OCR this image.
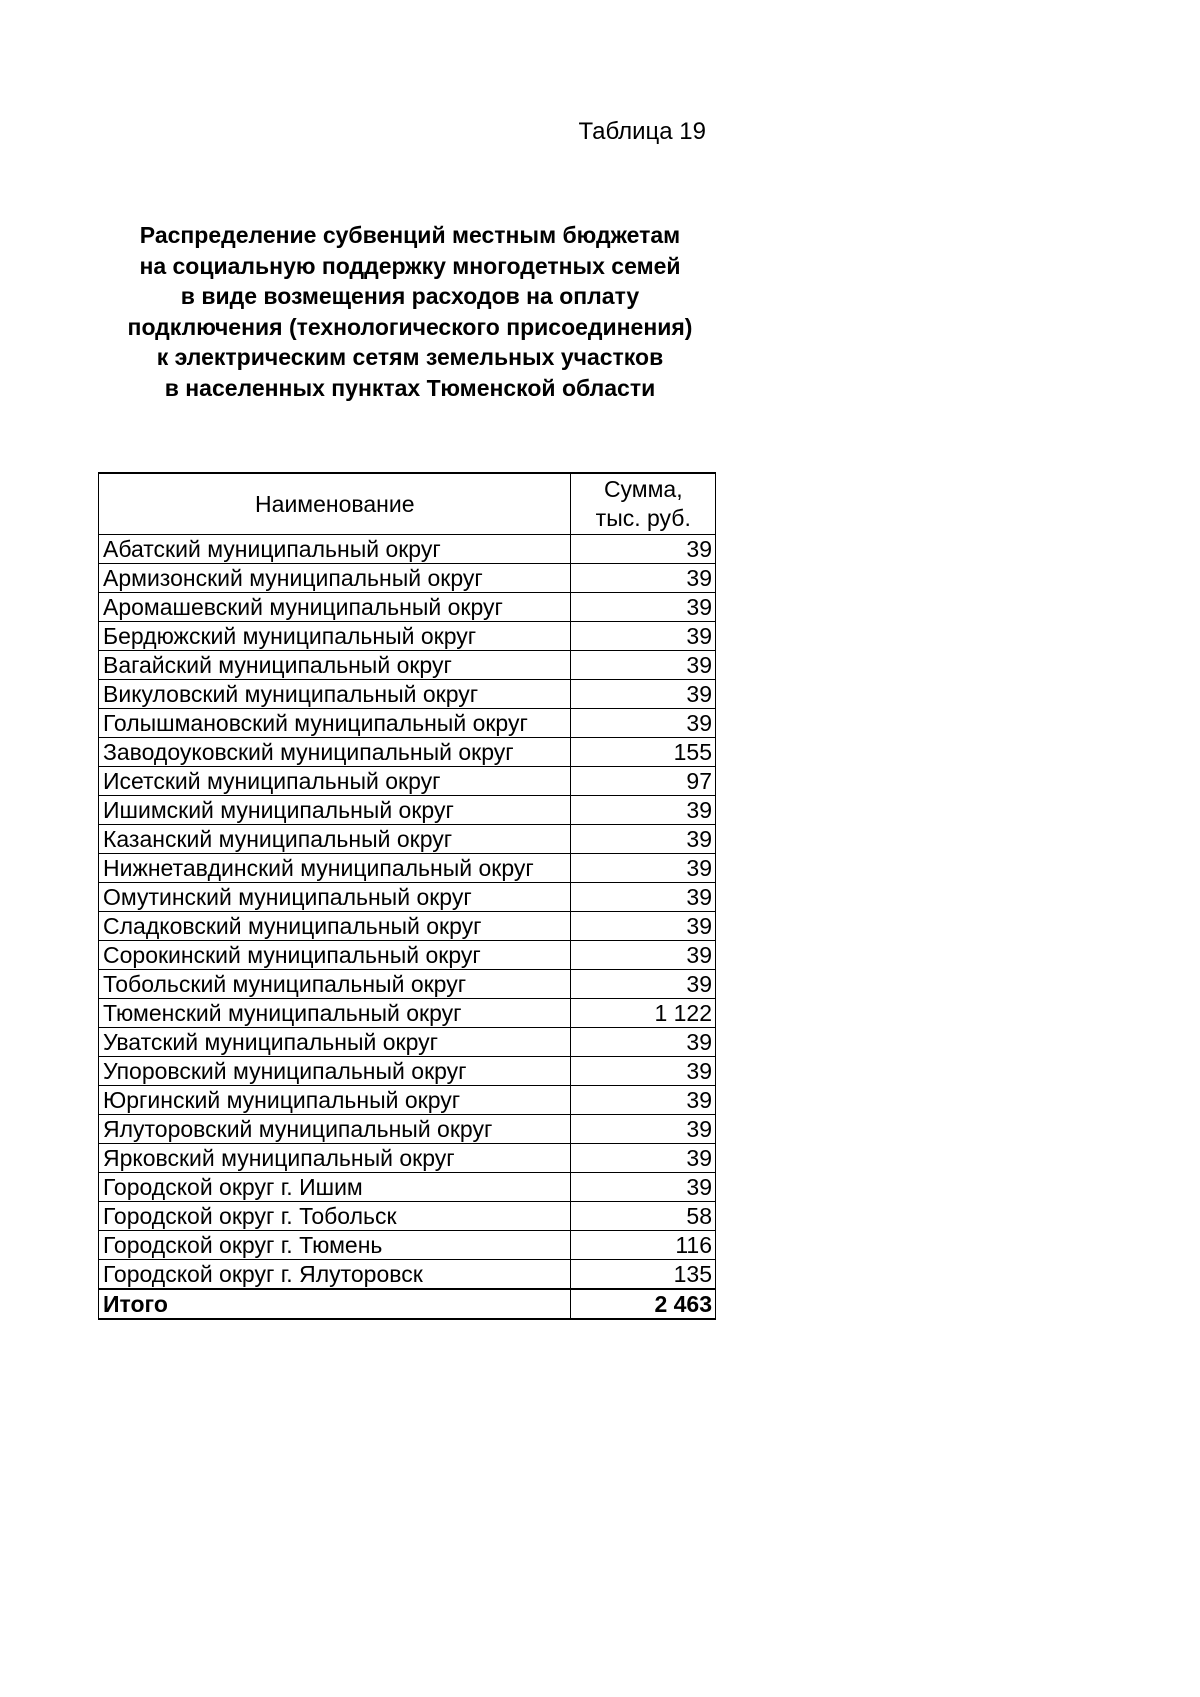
Таблица 19
Распределение субвенций местным бюджетам
на социальную поддержку многодетных семей
в виде возмещения расходов на оплату
подключения (технологического присоединения)
к электрическим сетям земельных участков
в населенных пунктах Тюменской области
Наименование	Сумма,
тыс. руб.

Абатский муниципальный округ	39
Армизонский муниципальный округ	39
Аромашевский муниципальный округ	39
Бердюжский муниципальный округ	39
Вагайский муниципальный округ	39
Викуловский муниципальный округ	39
Голышмановский муниципальный округ	39
Заводоуковский муниципальный округ	155
Исетский муниципальный округ	97
Ишимский муниципальный округ	39
Казанский муниципальный округ	39
Нижнетавдинский муниципальный округ	39
Омутинский муниципальный округ	39
Сладковский муниципальный округ	39
Сорокинский муниципальный округ	39
Тобольский муниципальный округ	39
Тюменский муниципальный округ	1 122
Уватский муниципальный округ	39
Упоровский муниципальный округ	39
Юргинский муниципальный округ	39
Ялуторовский муниципальный округ	39
Ярковский муниципальный округ	39
Городской округ г. Ишим	39
Городской округ г. Тобольск	58
Городской округ г. Тюмень	116
Городской округ г. Ялуторовск	135
Итого	2 463
